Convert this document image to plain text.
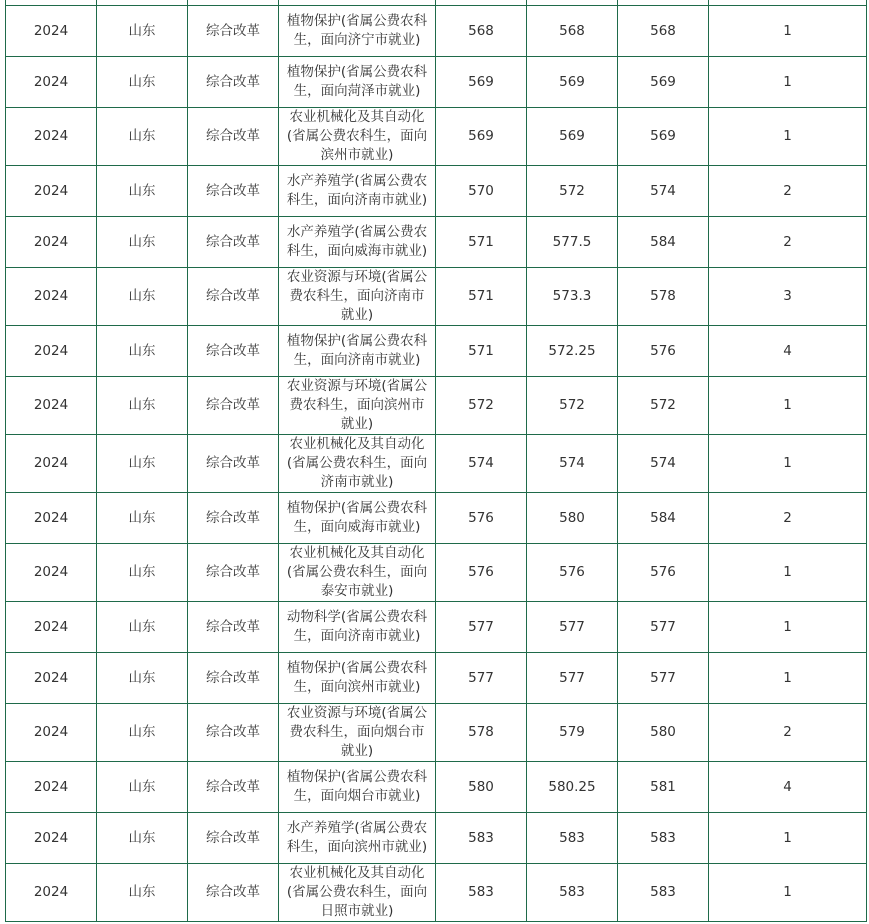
2024	山东	综合改革	植物保护(省属公费农科生，面向济宁市就业)	568	568	568	1
2024	山东	综合改革	植物保护(省属公费农科生，面向菏泽市就业)	569	569	569	1
2024	山东	综合改革	农业机械化及其自动化(省属公费农科生，面向滨州市就业)	569	569	569	1
2024	山东	综合改革	水产养殖学(省属公费农科生，面向济南市就业)	570	572	574	2
2024	山东	综合改革	水产养殖学(省属公费农科生，面向威海市就业)	571	577.5	584	2
2024	山东	综合改革	农业资源与环境(省属公费农科生，面向济南市就业)	571	573.3	578	3
2024	山东	综合改革	植物保护(省属公费农科生，面向济南市就业)	571	572.25	576	4
2024	山东	综合改革	农业资源与环境(省属公费农科生，面向滨州市就业)	572	572	572	1
2024	山东	综合改革	农业机械化及其自动化(省属公费农科生，面向济南市就业)	574	574	574	1
2024	山东	综合改革	植物保护(省属公费农科生，面向威海市就业)	576	580	584	2
2024	山东	综合改革	农业机械化及其自动化(省属公费农科生，面向泰安市就业)	576	576	576	1
2024	山东	综合改革	动物科学(省属公费农科生，面向济南市就业)	577	577	577	1
2024	山东	综合改革	植物保护(省属公费农科生，面向滨州市就业)	577	577	577	1
2024	山东	综合改革	农业资源与环境(省属公费农科生，面向烟台市就业)	578	579	580	2
2024	山东	综合改革	植物保护(省属公费农科生，面向烟台市就业)	580	580.25	581	4
2024	山东	综合改革	水产养殖学(省属公费农科生，面向滨州市就业)	583	583	583	1
2024	山东	综合改革	农业机械化及其自动化(省属公费农科生，面向日照市就业)	583	583	583	1
